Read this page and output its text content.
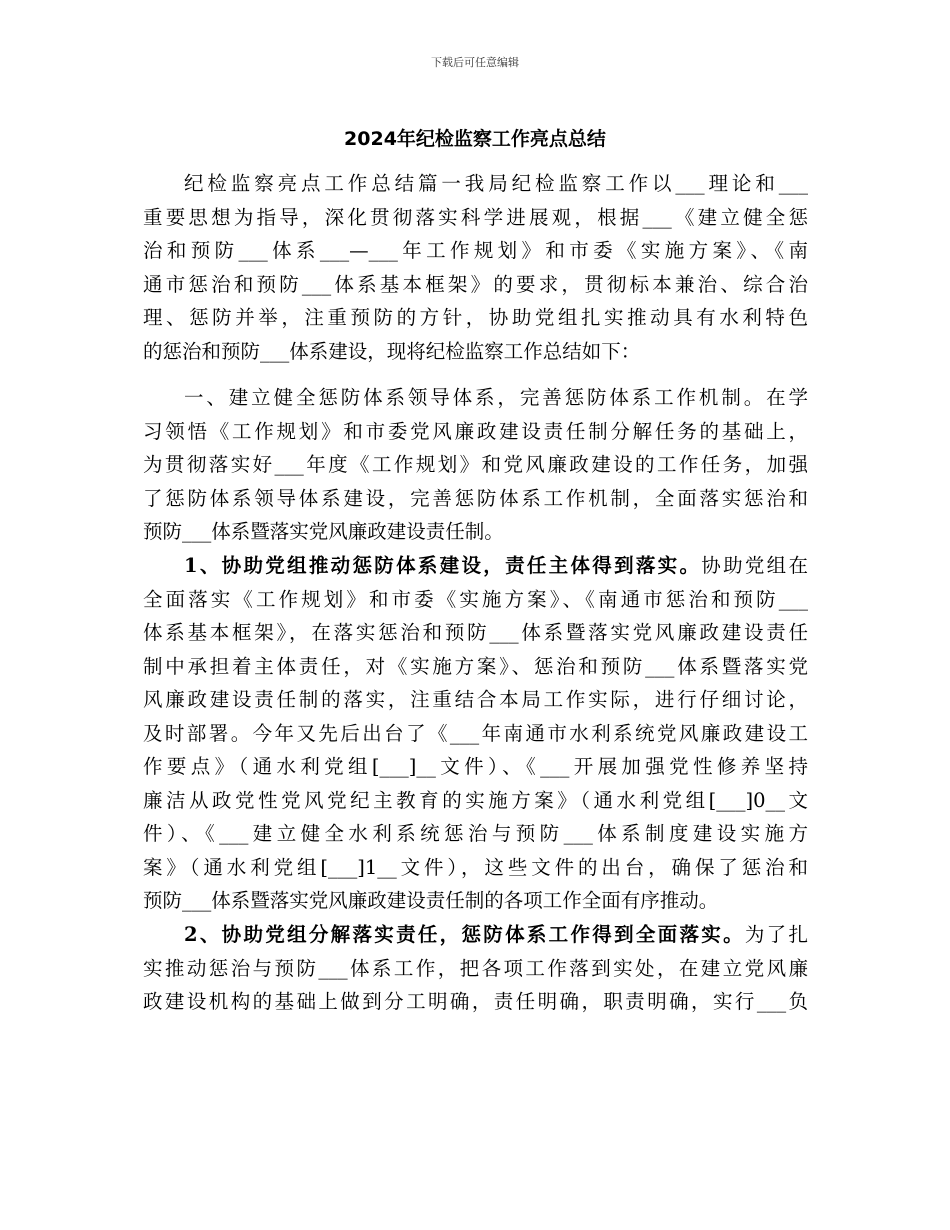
下载后可任意编辑
2024年纪检监察工作亮点总结
纪检监察亮点工作总结篇一我局纪检监察工作以___理论和___
重要思想为指导，深化贯彻落实科学进展观，根据___《建立健全惩
治和预防___体系___—___年工作规划》和市委《实施方案》、《南
通市惩治和预防___体系基本框架》的要求，贯彻标本兼治、综合治
理、惩防并举，注重预防的方针，协助党组扎实推动具有水利特色
的惩治和预防___体系建设，现将纪检监察工作总结如下：
一、建立健全惩防体系领导体系，完善惩防体系工作机制。在学
习领悟《工作规划》和市委党风廉政建设责任制分解任务的基础上，
为贯彻落实好___年度《工作规划》和党风廉政建设的工作任务，加强
了惩防体系领导体系建设，完善惩防体系工作机制，全面落实惩治和
预防___体系暨落实党风廉政建设责任制。
1、协助党组推动惩防体系建设，责任主体得到落实。协助党组在
全面落实《工作规划》和市委《实施方案》、《南通市惩治和预防___
体系基本框架》，在落实惩治和预防___体系暨落实党风廉政建设责任
制中承担着主体责任，对《实施方案》、惩治和预防___体系暨落实党
风廉政建设责任制的落实，注重结合本局工作实际，进行仔细讨论，
及时部署。今年又先后出台了《___年南通市水利系统党风廉政建设工
作要点》（通水利党组[___]__文件）、《___开展加强党性修养坚持
廉洁从政党性党风党纪主教育的实施方案》（通水利党组[___]0__文
件）、《___建立健全水利系统惩治与预防___体系制度建设实施方
案》（通水利党组[___]1__文件），这些文件的出台，确保了惩治和
预防___体系暨落实党风廉政建设责任制的各项工作全面有序推动。
2、协助党组分解落实责任，惩防体系工作得到全面落实。为了扎
实推动惩治与预防___体系工作，把各项工作落到实处，在建立党风廉
政建设机构的基础上做到分工明确，责任明确，职责明确，实行___负
